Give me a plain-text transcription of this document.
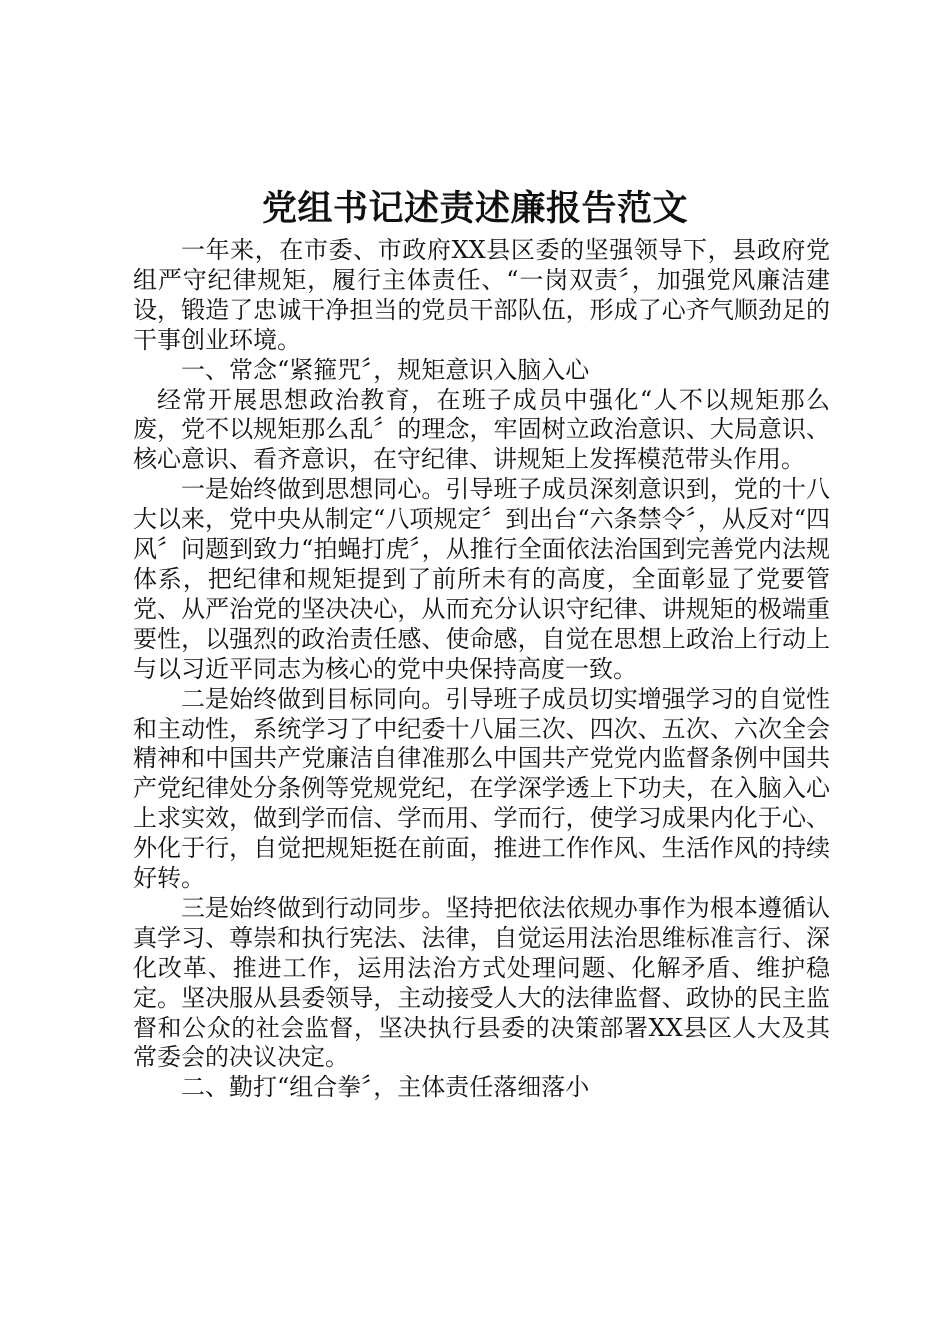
党组书记述责述廉报告范文

一年来，在市委、市政府XX县区委的坚强领导下，县政府党组严守纪律规矩，履行主体责任、“一岗双责〞，加强党风廉洁建设，锻造了忠诚干净担当的党员干部队伍，形成了心齐气顺劲足的干事创业环境。

一、常念“紧箍咒〞，规矩意识入脑入心

经常开展思想政治教育，在班子成员中强化“人不以规矩那么废，党不以规矩那么乱〞的理念，牢固树立政治意识、大局意识、核心意识、看齐意识，在守纪律、讲规矩上发挥模范带头作用。

一是始终做到思想同心。引导班子成员深刻意识到，党的十八大以来，党中央从制定“八项规定〞到出台“六条禁令〞，从反对“四风〞问题到致力“拍蝇打虎〞，从推行全面依法治国到完善党内法规体系，把纪律和规矩提到了前所未有的高度，全面彰显了党要管党、从严治党的坚决决心，从而充分认识守纪律、讲规矩的极端重要性，以强烈的政治责任感、使命感，自觉在思想上政治上行动上与以习近平同志为核心的党中央保持高度一致。

二是始终做到目标同向。引导班子成员切实增强学习的自觉性和主动性，系统学习了中纪委十八届三次、四次、五次、六次全会精神和中国共产党廉洁自律准那么中国共产党党内监督条例中国共产党纪律处分条例等党规党纪，在学深学透上下功夫，在入脑入心上求实效，做到学而信、学而用、学而行，使学习成果内化于心、外化于行，自觉把规矩挺在前面，推进工作作风、生活作风的持续好转。

三是始终做到行动同步。坚持把依法依规办事作为根本遵循认真学习、尊崇和执行宪法、法律，自觉运用法治思维标准言行、深化改革、推进工作，运用法治方式处理问题、化解矛盾、维护稳定。坚决服从县委领导，主动接受人大的法律监督、政协的民主监督和公众的社会监督，坚决执行县委的决策部署XX县区人大及其常委会的决议决定。

二、勤打“组合拳〞，主体责任落细落小
